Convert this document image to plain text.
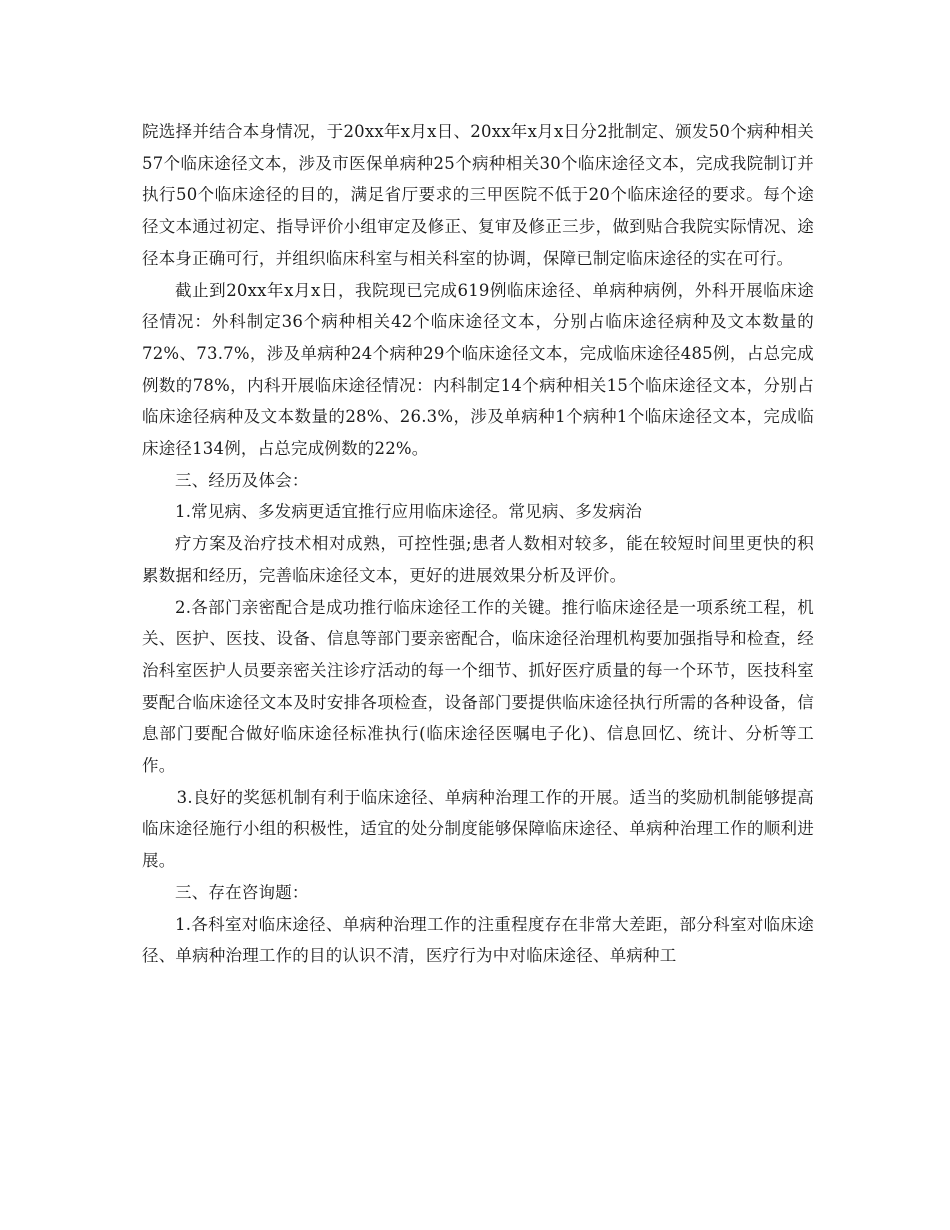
院选择并结合本身情况，于20xx年x月x日、20xx年x月x日分2批制定、颁发50个病种相关57个临床途径文本，涉及市医保单病种25个病种相关30个临床途径文本，完成我院制订并执行50个临床途径的目的，满足省厅要求的三甲医院不低于20个临床途径的要求。每个途径文本通过初定、指导评价小组审定及修正、复审及修正三步，做到贴合我院实际情况、途径本身正确可行，并组织临床科室与相关科室的协调，保障已制定临床途径的实在可行。

截止到20xx年x月x日，我院现已完成619例临床途径、单病种病例，外科开展临床途径情况：外科制定36个病种相关42个临床途径文本，分别占临床途径病种及文本数量的72%、73.7%，涉及单病种24个病种29个临床途径文本，完成临床途径485例，占总完成例数的78%，内科开展临床途径情况：内科制定14个病种相关15个临床途径文本，分别占临床途径病种及文本数量的28%、26.3%，涉及单病种1个病种1个临床途径文本，完成临床途径134例，占总完成例数的22%。

三、经历及体会：

1.常见病、多发病更适宜推行应用临床途径。常见病、多发病治

疗方案及治疗技术相对成熟，可控性强;患者人数相对较多，能在较短时间里更快的积累数据和经历，完善临床途径文本，更好的进展效果分析及评价。

2.各部门亲密配合是成功推行临床途径工作的关键。推行临床途径是一项系统工程，机关、医护、医技、设备、信息等部门要亲密配合，临床途径治理机构要加强指导和检查，经治科室医护人员要亲密关注诊疗活动的每一个细节、抓好医疗质量的每一个环节，医技科室要配合临床途径文本及时安排各项检查，设备部门要提供临床途径执行所需的各种设备，信息部门要配合做好临床途径标准执行(临床途径医嘱电子化)、信息回忆、统计、分析等工作。

3.良好的奖惩机制有利于临床途径、单病种治理工作的开展。适当的奖励机制能够提高临床途径施行小组的积极性，适宜的处分制度能够保障临床途径、单病种治理工作的顺利进展。

三、存在咨询题：

1.各科室对临床途径、单病种治理工作的注重程度存在非常大差距，部分科室对临床途径、单病种治理工作的目的认识不清，医疗行为中对临床途径、单病种工
